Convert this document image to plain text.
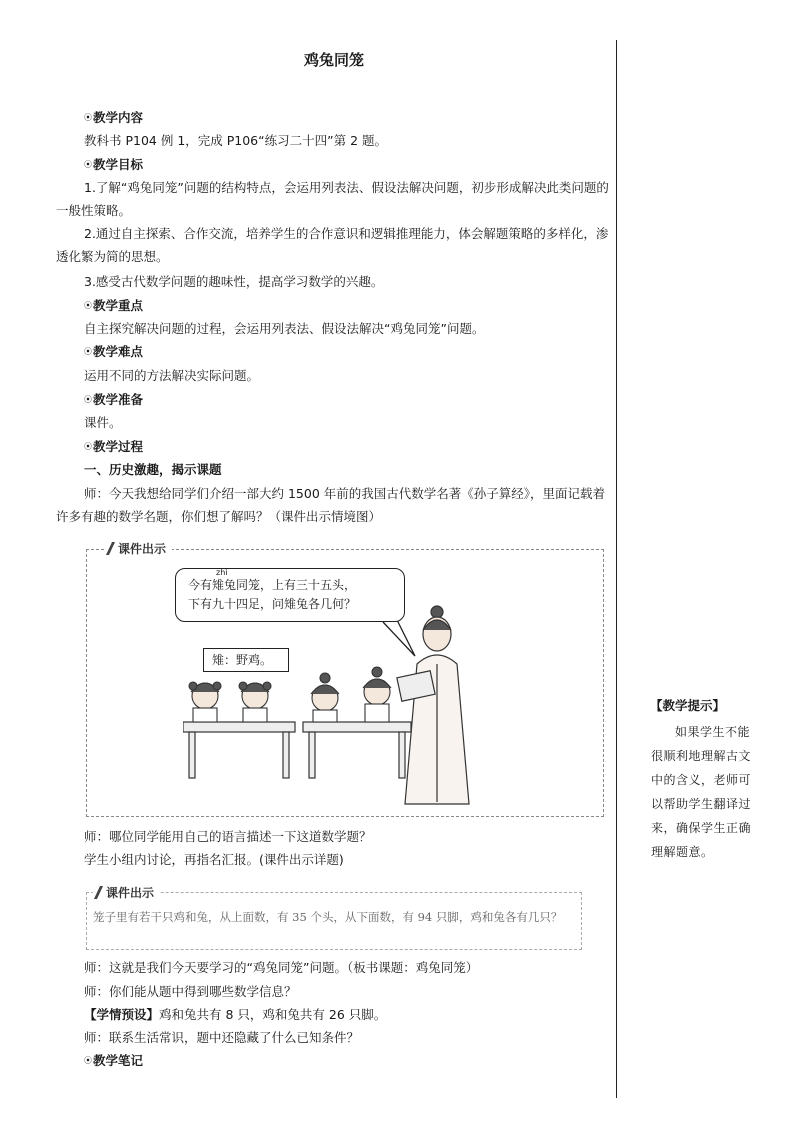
鸡兔同笼
⦿教学内容
教科书 P104 例 1，完成 P106“练习二十四”第 2 题。
⦿教学目标
1.了解“鸡兔同笼”问题的结构特点，会运用列表法、假设法解决问题，初步形成解决此类问题的一般性策略。
2.通过自主探索、合作交流，培养学生的合作意识和逻辑推理能力，体会解题策略的多样化，渗透化繁为简的思想。
3.感受古代数学问题的趣味性，提高学习数学的兴趣。
⦿教学重点
自主探究解决问题的过程，会运用列表法、假设法解决“鸡兔同笼”问题。
⦿教学难点
运用不同的方法解决实际问题。
⦿教学准备
课件。
⦿教学过程
一、历史激趣，揭示课题
师：今天我想给同学们介绍一部大约 1500 年前的我国古代数学名著《孙子算经》，里面记载着许多有趣的数学名题，你们想了解吗？（课件出示情境图）
课件出示
zhì
今有雉兔同笼，上有三十五头，
下有九十四足，问雉兔各几何？
雉：野鸡。
师：哪位同学能用自己的语言描述一下这道数学题？
学生小组内讨论，再指名汇报。(课件出示详题)
课件出示
笼子里有若干只鸡和兔，从上面数，有 35 个头，从下面数，有 94 只脚，鸡和兔各有几只？
师：这就是我们今天要学习的“鸡兔同笼”问题。（板书课题：鸡兔同笼）
师：你们能从题中得到哪些数学信息？
【学情预设】鸡和兔共有 8 只，鸡和兔共有 26 只脚。
师：联系生活常识，题中还隐藏了什么已知条件？
⦿教学笔记
【教学提示】
如果学生不能很顺利地理解古文中的含义，老师可以帮助学生翻译过来，确保学生正确理解题意。
